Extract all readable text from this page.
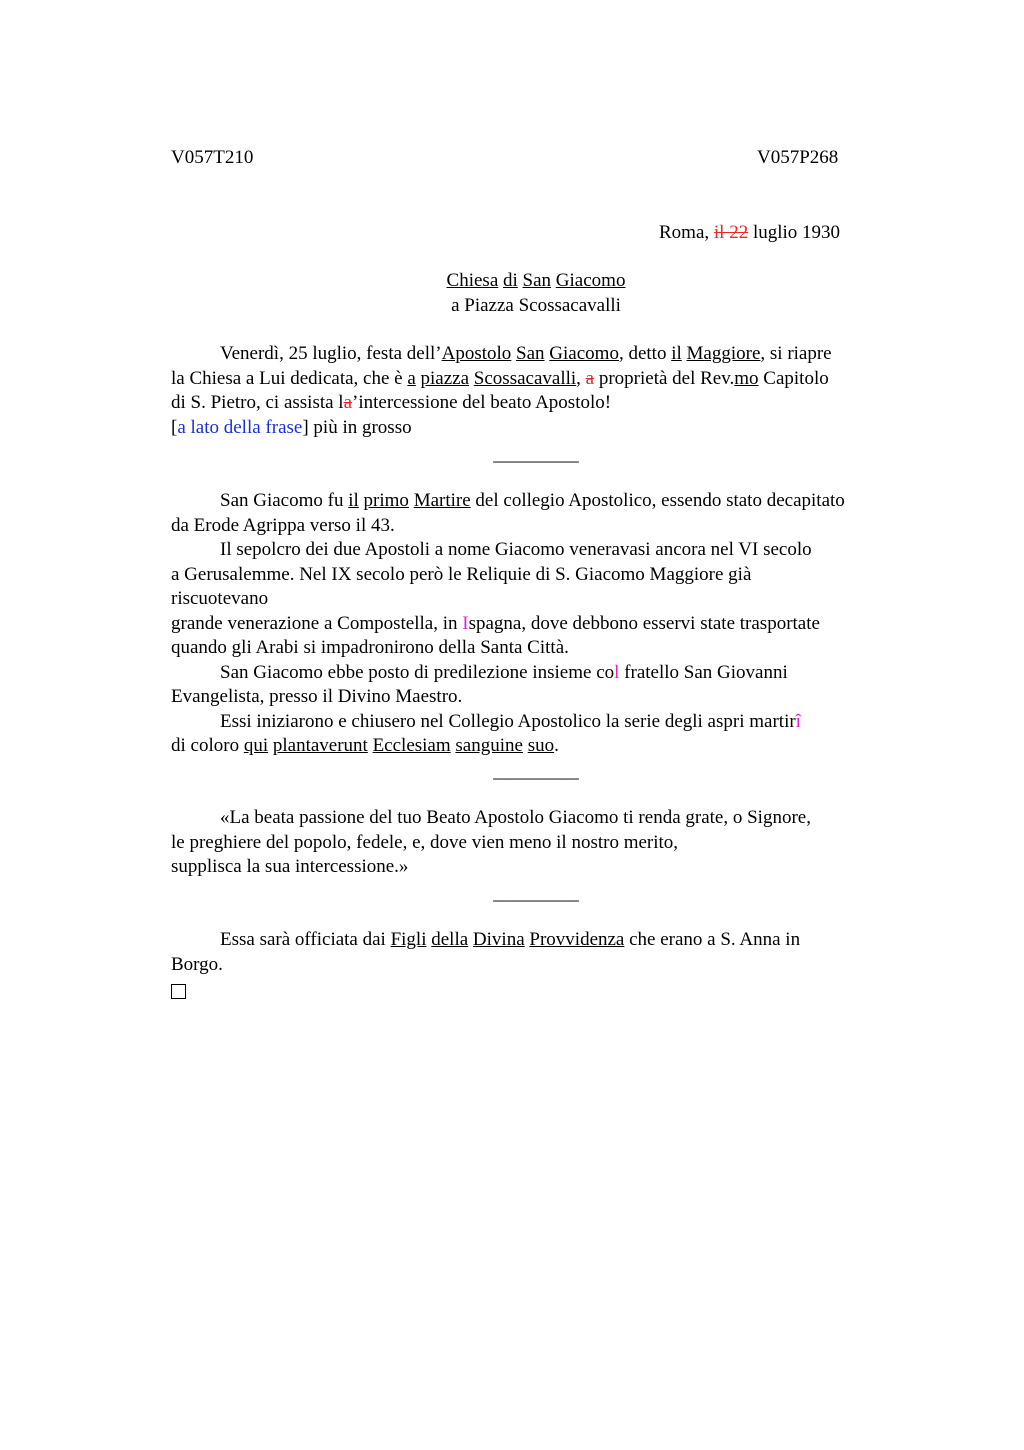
V057T210	V057P268
Roma, il 22 luglio 1930
Chiesa di San Giacomo
a Piazza Scossacavalli
Venerdì, 25 luglio, festa dell’Apostolo San Giacomo, detto il Maggiore, si riapre
la Chiesa a Lui dedicata, che è a piazza Scossacavalli, a proprietà del Rev.mo Capitolo
di S. Pietro, ci assista la’intercessione del beato Apostolo!
[a lato della frase] più in grosso
_________
San Giacomo fu il primo Martire del collegio Apostolico, essendo stato decapitato
da Erode Agrippa verso il 43.
Il sepolcro dei due Apostoli a nome Giacomo veneravasi ancora nel VI secolo
a Gerusalemme. Nel IX secolo però le Reliquie di S. Giacomo Maggiore già
riscuotevano
grande venerazione a Compostella, in Ispagna, dove debbono esservi state trasportate
quando gli Arabi si impadronirono della Santa Città.
San Giacomo ebbe posto di predilezione insieme col fratello San Giovanni
Evangelista, presso il Divino Maestro.
Essi iniziarono e chiusero nel Collegio Apostolico la serie degli aspri martirî
di coloro qui plantaverunt Ecclesiam sanguine suo.
_________
«La beata passione del tuo Beato Apostolo Giacomo ti renda grate, o Signore,
le preghiere del popolo, fedele, e, dove vien meno il nostro merito,
supplisca la sua intercessione.»
_________
Essa sarà officiata dai Figli della Divina Provvidenza che erano a S. Anna in
Borgo.
